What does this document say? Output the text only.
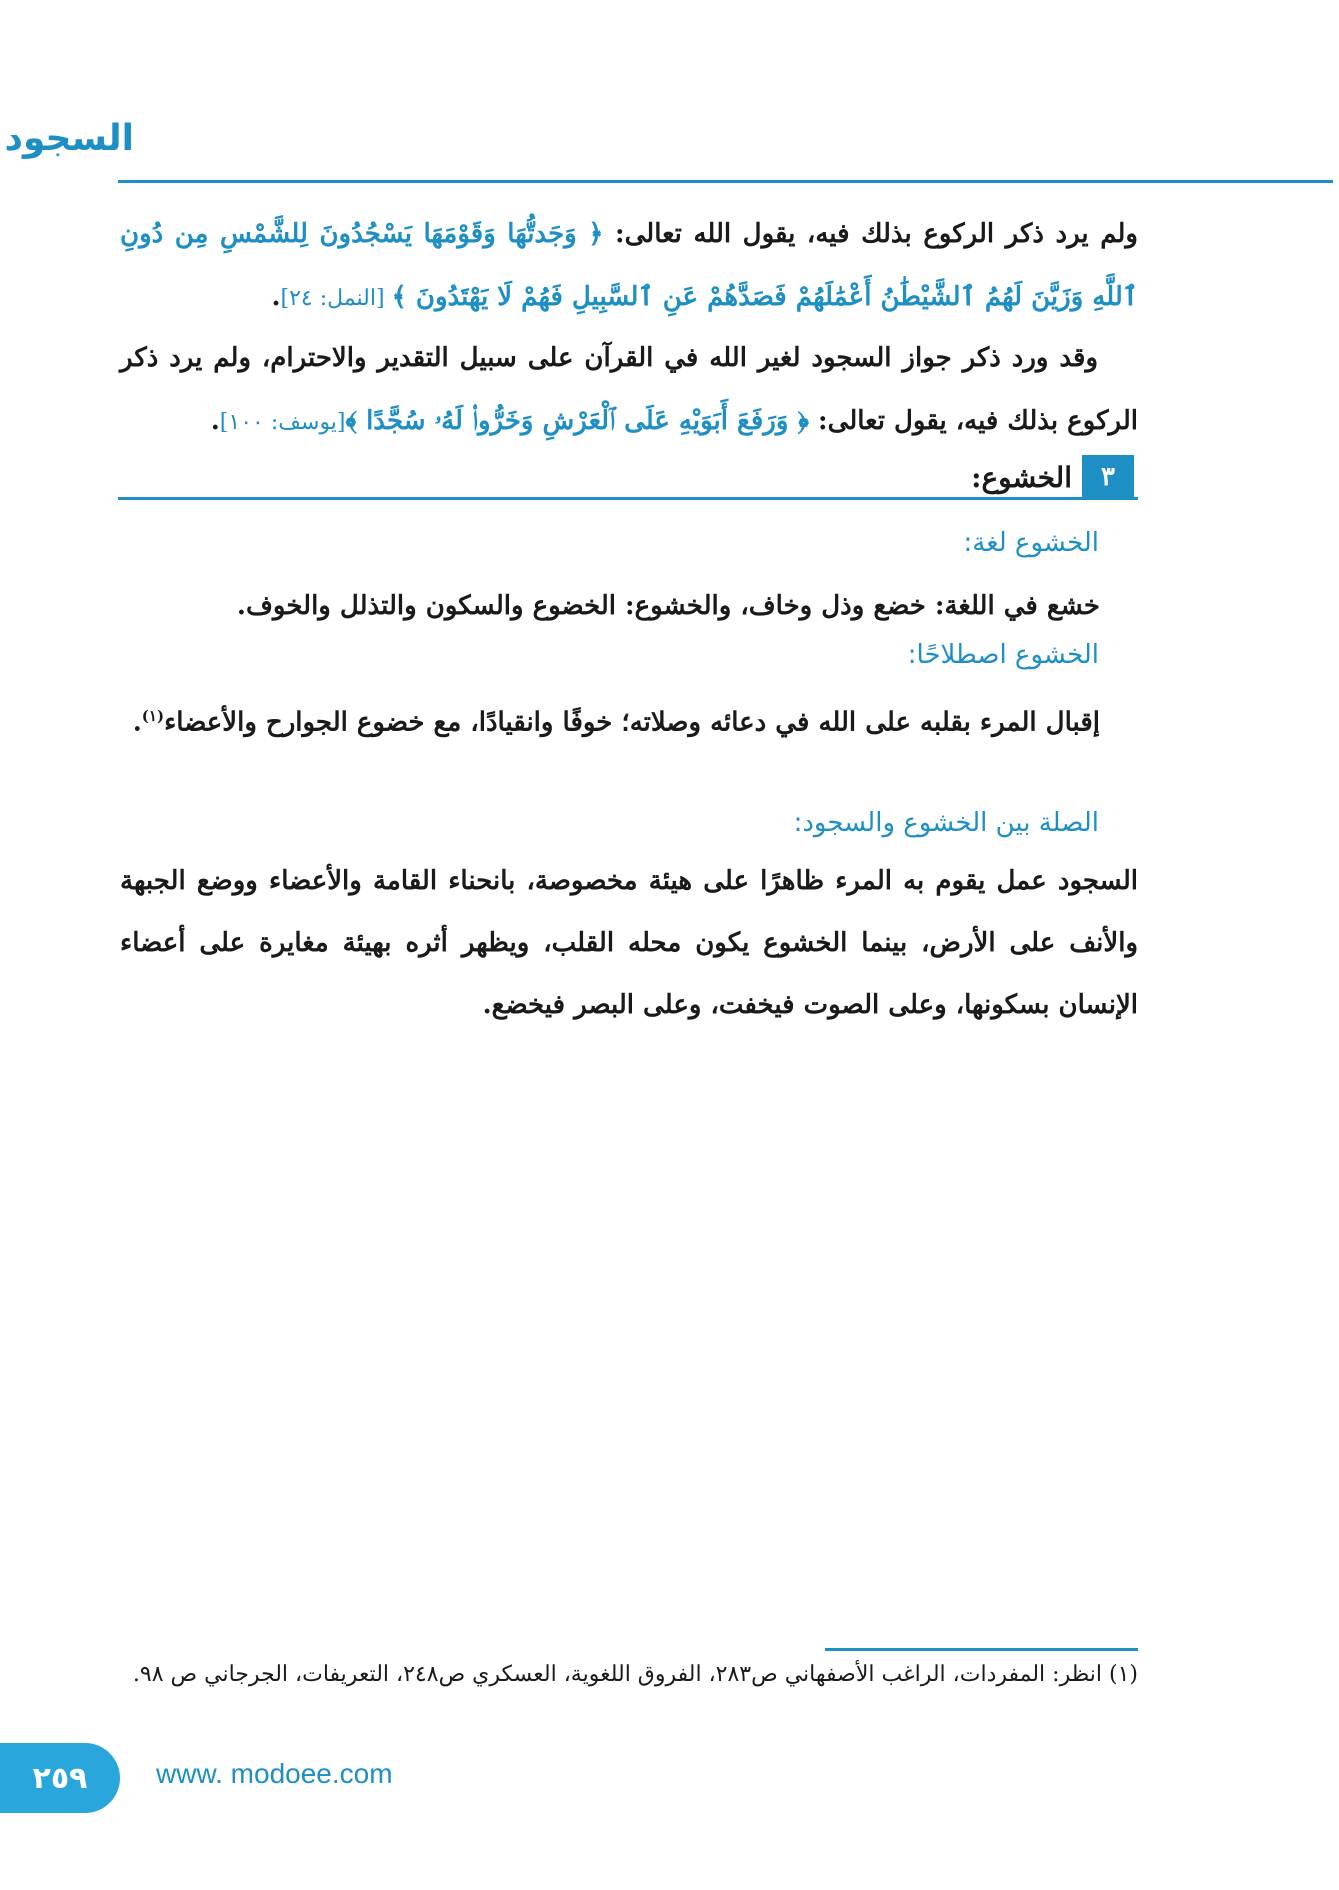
السجود
ولم يرد ذكر الركوع بذلك فيه، يقول الله تعالى: ﴿ وَجَدتُّهَا وَقَوْمَهَا يَسْجُدُونَ لِلشَّمْسِ مِن دُونِ ٱللَّهِ وَزَيَّنَ لَهُمُ ٱلشَّيْطَٰنُ أَعْمَٰلَهُمْ فَصَدَّهُمْ عَنِ ٱلسَّبِيلِ فَهُمْ لَا يَهْتَدُونَ ﴾ [النمل: ٢٤].
وقد ورد ذكر جواز السجود لغير الله في القرآن على سبيل التقدير والاحترام، ولم يرد ذكر الركوع بذلك فيه، يقول تعالى: ﴿ وَرَفَعَ أَبَوَيْهِ عَلَى ٱلْعَرْشِ وَخَرُّوا۟ لَهُۥ سُجَّدًا ﴾[يوسف: ١٠٠].
٣
الخشوع:
الخشوع لغة:
خشع في اللغة: خضع وذل وخاف، والخشوع: الخضوع والسكون والتذلل والخوف.
الخشوع اصطلاحًا:
إقبال المرء بقلبه على الله في دعائه وصلاته؛ خوفًا وانقيادًا، مع خضوع الجوارح والأعضاء$^{(١)}$.
الصلة بين الخشوع والسجود:
السجود عمل يقوم به المرء ظاهرًا على هيئة مخصوصة، بانحناء القامة والأعضاء ووضع الجبهة والأنف على الأرض، بينما الخشوع يكون محله القلب، ويظهر أثره بهيئة مغايرة على أعضاء الإنسان بسكونها، وعلى الصوت فيخفت، وعلى البصر فيخضع.
(١) انظر: المفردات، الراغب الأصفهاني ص٢٨٣، الفروق اللغوية، العسكري ص٢٤٨، التعريفات، الجرجاني ص ٩٨.
٢٥٩	www. modoee.com
